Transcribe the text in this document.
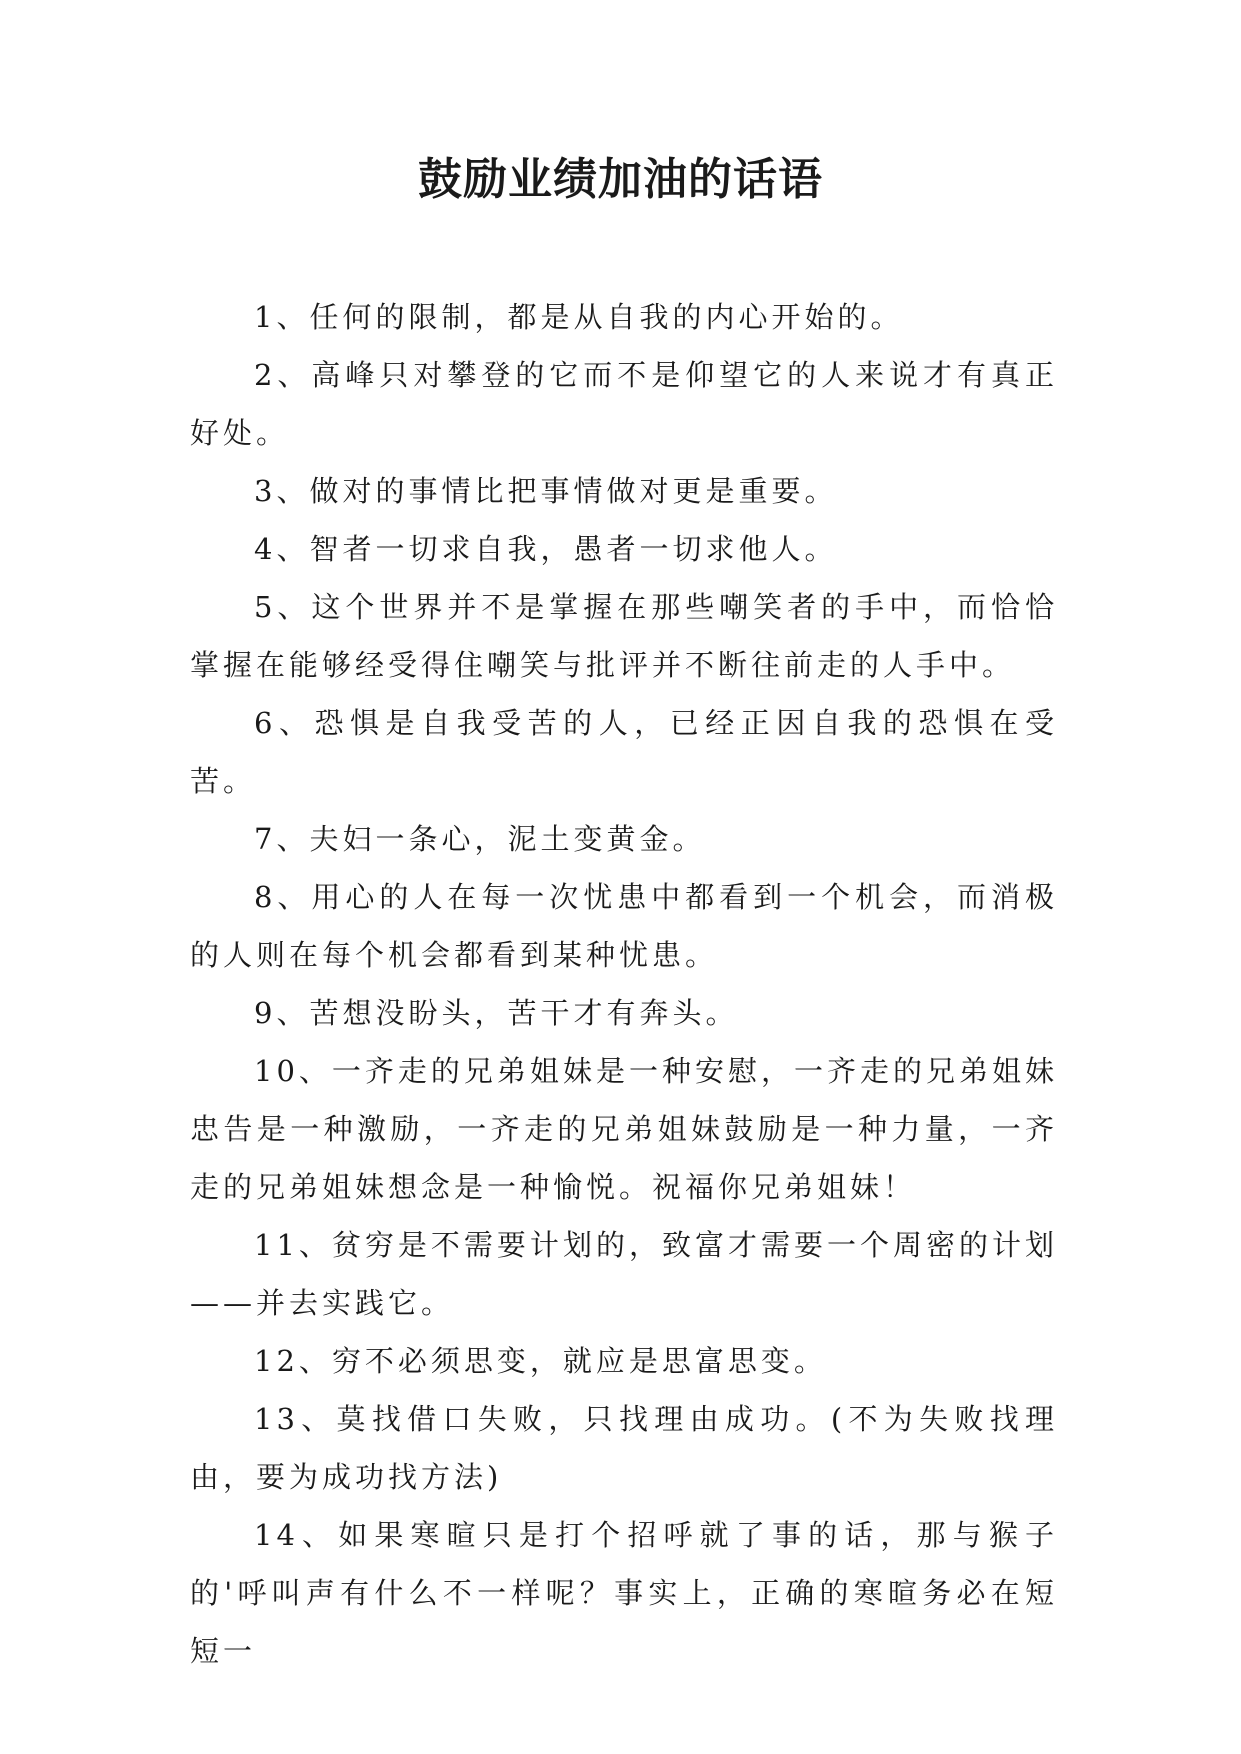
鼓励业绩加油的话语

1、任何的限制，都是从自我的内心开始的。

2、高峰只对攀登的它而不是仰望它的人来说才有真正好处。

3、做对的事情比把事情做对更是重要。

4、智者一切求自我，愚者一切求他人。

5、这个世界并不是掌握在那些嘲笑者的手中，而恰恰掌握在能够经受得住嘲笑与批评并不断往前走的人手中。

6、恐惧是自我受苦的人，已经正因自我的恐惧在受苦。

7、夫妇一条心，泥土变黄金。

8、用心的人在每一次忧患中都看到一个机会，而消极的人则在每个机会都看到某种忧患。

9、苦想没盼头，苦干才有奔头。

10、一齐走的兄弟姐妹是一种安慰，一齐走的兄弟姐妹忠告是一种激励，一齐走的兄弟姐妹鼓励是一种力量，一齐走的兄弟姐妹想念是一种愉悦。祝福你兄弟姐妹！

11、贫穷是不需要计划的，致富才需要一个周密的计划——并去实践它。

12、穷不必须思变，就应是思富思变。

13、莫找借口失败，只找理由成功。(不为失败找理由，要为成功找方法)

14、如果寒暄只是打个招呼就了事的话，那与猴子的'呼叫声有什么不一样呢？事实上，正确的寒暄务必在短短一
